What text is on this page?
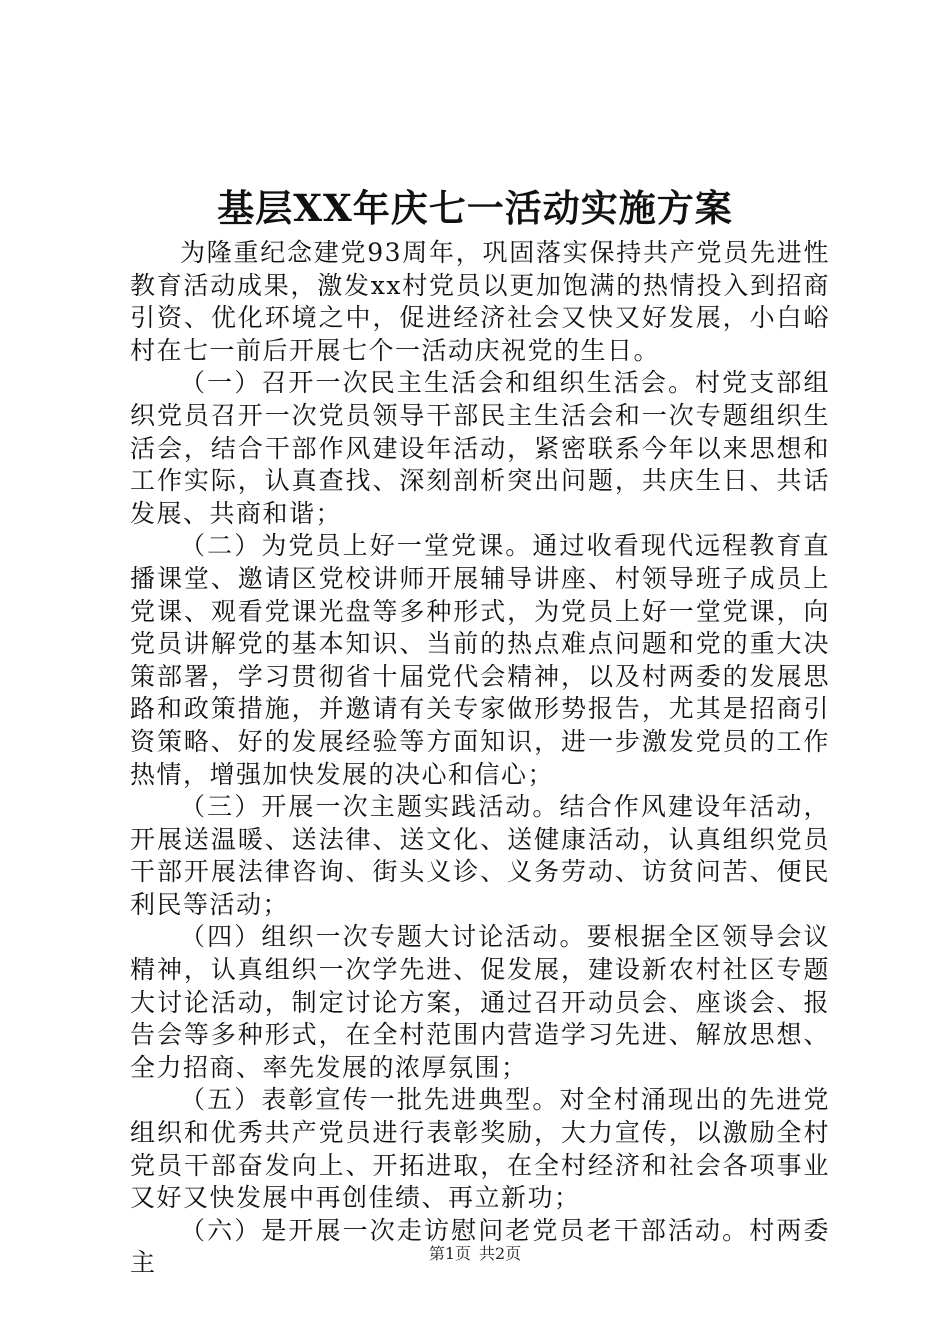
基层XX年庆七一活动实施方案

为隆重纪念建党93周年，巩固落实保持共产党员先进性教育活动成果，激发xx村党员以更加饱满的热情投入到招商引资、优化环境之中，促进经济社会又快又好发展，小白峪村在七一前后开展七个一活动庆祝党的生日。

（一）召开一次民主生活会和组织生活会。村党支部组织党员召开一次党员领导干部民主生活会和一次专题组织生活会，结合干部作风建设年活动，紧密联系今年以来思想和工作实际，认真查找、深刻剖析突出问题，共庆生日、共话发展、共商和谐；

（二）为党员上好一堂党课。通过收看现代远程教育直播课堂、邀请区党校讲师开展辅导讲座、村领导班子成员上党课、观看党课光盘等多种形式，为党员上好一堂党课，向党员讲解党的基本知识、当前的热点难点问题和党的重大决策部署，学习贯彻省十届党代会精神，以及村两委的发展思路和政策措施，并邀请有关专家做形势报告，尤其是招商引资策略、好的发展经验等方面知识，进一步激发党员的工作热情，增强加快发展的决心和信心；

（三）开展一次主题实践活动。结合作风建设年活动，开展送温暖、送法律、送文化、送健康活动，认真组织党员干部开展法律咨询、街头义诊、义务劳动、访贫问苦、便民利民等活动；

（四）组织一次专题大讨论活动。要根据全区领导会议精神，认真组织一次学先进、促发展，建设新农村社区专题大讨论活动，制定讨论方案，通过召开动员会、座谈会、报告会等多种形式，在全村范围内营造学习先进、解放思想、全力招商、率先发展的浓厚氛围；

（五）表彰宣传一批先进典型。对全村涌现出的先进党组织和优秀共产党员进行表彰奖励，大力宣传，以激励全村党员干部奋发向上、开拓进取，在全村经济和社会各项事业又好又快发展中再创佳绩、再立新功；

（六）是开展一次走访慰问老党员老干部活动。村两委主	第1页 共2页
